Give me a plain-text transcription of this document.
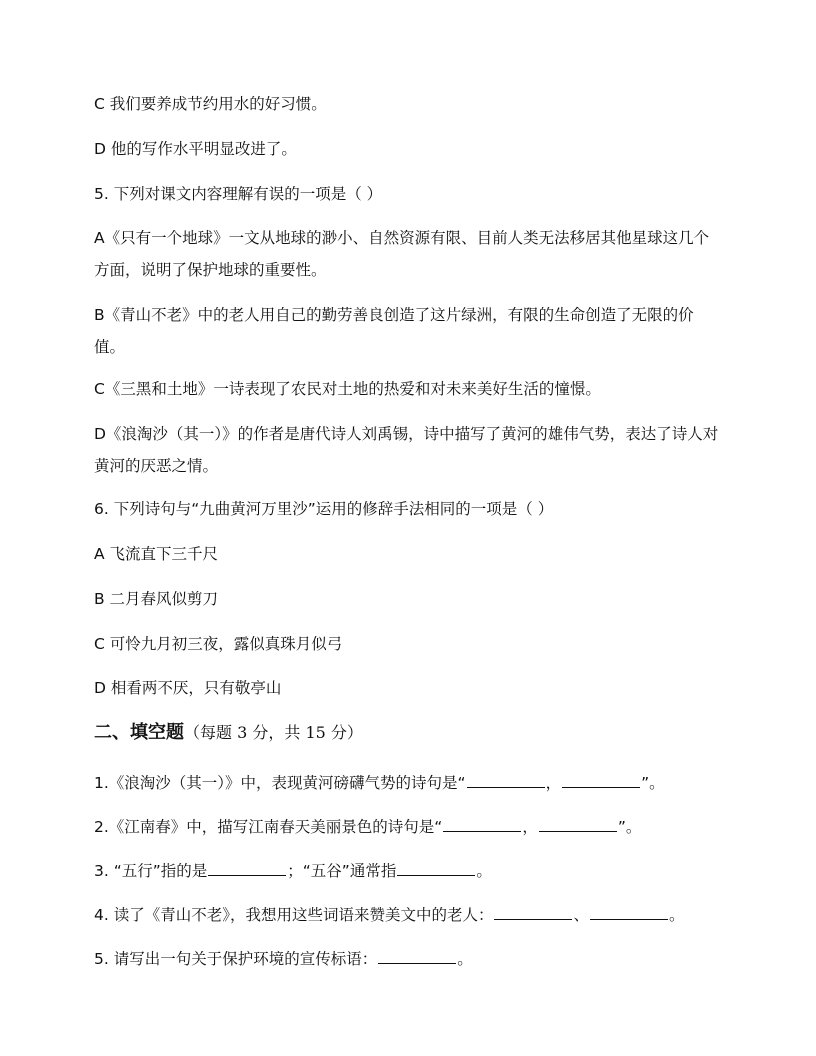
C 我们要养成节约用水的好习惯。
D 他的写作水平明显改进了。
5. 下列对课文内容理解有误的一项是（ ）
A《只有一个地球》一文从地球的渺小、自然资源有限、目前人类无法移居其他星球这几个方面，说明了保护地球的重要性。
B《青山不老》中的老人用自己的勤劳善良创造了这片绿洲，有限的生命创造了无限的价值。
C《三黑和土地》一诗表现了农民对土地的热爱和对未来美好生活的憧憬。
D《浪淘沙（其一）》的作者是唐代诗人刘禹锡，诗中描写了黄河的雄伟气势，表达了诗人对黄河的厌恶之情。
6. 下列诗句与“九曲黄河万里沙”运用的修辞手法相同的一项是（ ）
A 飞流直下三千尺
B 二月春风似剪刀
C 可怜九月初三夜，露似真珠月似弓
D 相看两不厌，只有敬亭山
二、填空题（每题 3 分，共 15 分）
1.《浪淘沙（其一）》中，表现黄河磅礴气势的诗句是“	，	”。
2.《江南春》中，描写江南春天美丽景色的诗句是“	，	”。
3. “五行”指的是	；“五谷”通常指	。
4. 读了《青山不老》，我想用这些词语来赞美文中的老人：	、	。
5. 请写出一句关于保护环境的宣传标语：	。
